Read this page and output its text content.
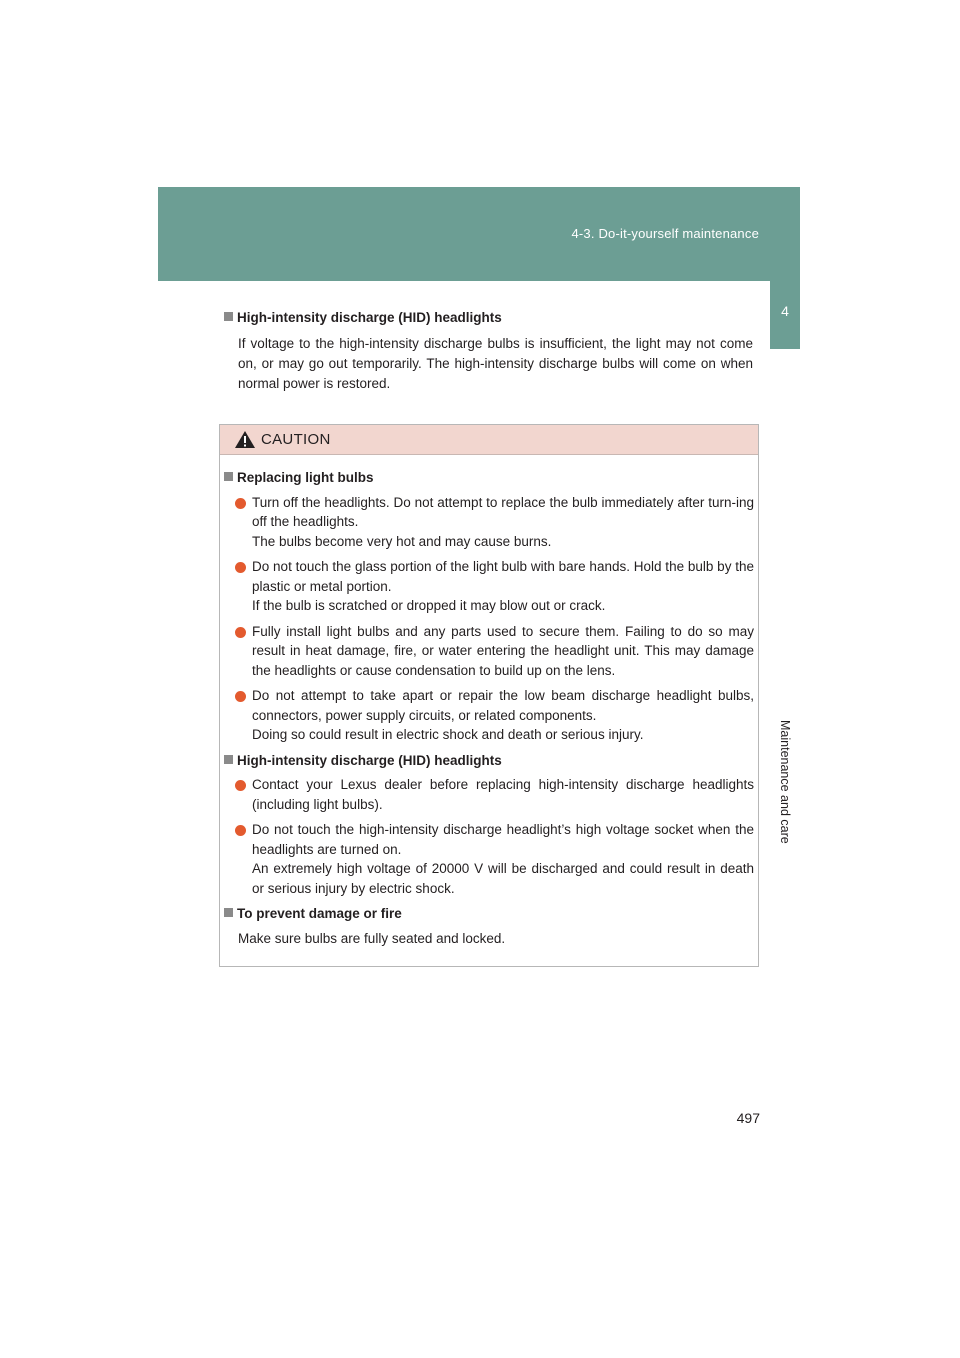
4-3. Do-it-yourself maintenance
4
Maintenance and care
High-intensity discharge (HID) headlights
If voltage to the high-intensity discharge bulbs is insufficient, the light may not come on, or may go out temporarily. The high-intensity discharge bulbs will come on when normal power is restored.
CAUTION
Replacing light bulbs
Turn off the headlights. Do not attempt to replace the bulb immediately after turn-ing off the headlights.
The bulbs become very hot and may cause burns.
Do not touch the glass portion of the light bulb with bare hands. Hold the bulb by the plastic or metal portion.
If the bulb is scratched or dropped it may blow out or crack.
Fully install light bulbs and any parts used to secure them. Failing to do so may result in heat damage, fire, or water entering the headlight unit. This may damage the headlights or cause condensation to build up on the lens.
Do not attempt to take apart or repair the low beam discharge headlight bulbs, connectors, power supply circuits, or related components.
Doing so could result in electric shock and death or serious injury.
High-intensity discharge (HID) headlights
Contact your Lexus dealer before replacing high-intensity discharge headlights (including light bulbs).
Do not touch the high-intensity discharge headlight’s high voltage socket when the headlights are turned on.
An extremely high voltage of 20000 V will be discharged and could result in death or serious injury by electric shock.
To prevent damage or fire
Make sure bulbs are fully seated and locked.
497
